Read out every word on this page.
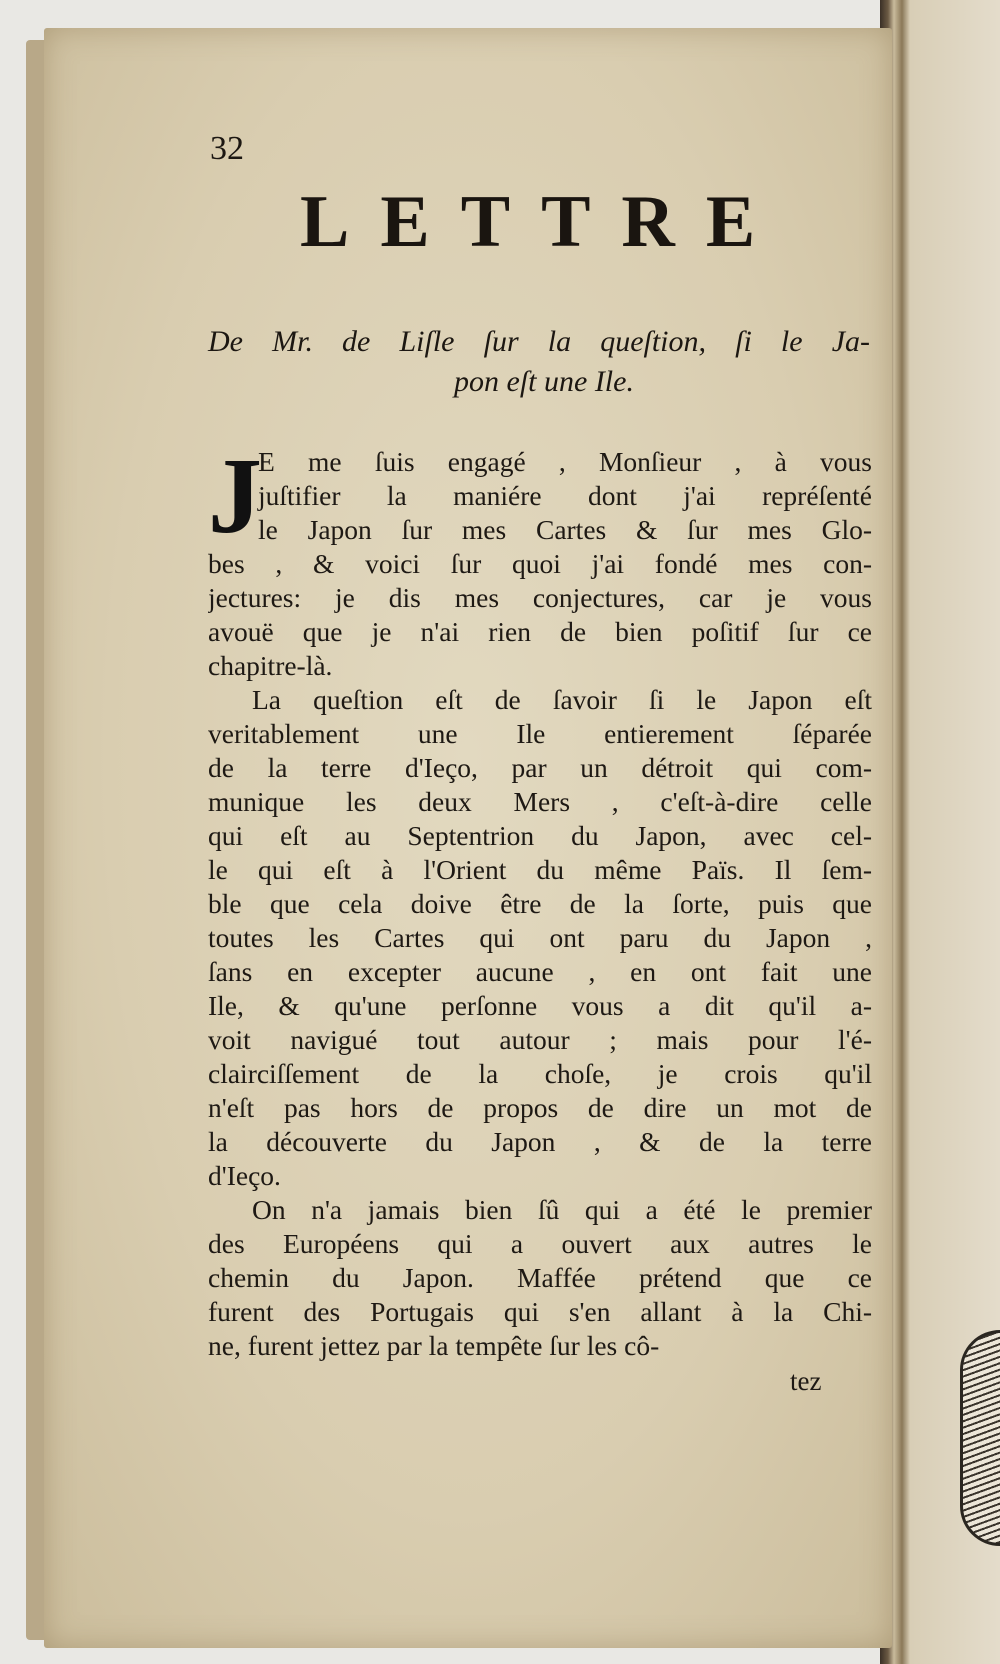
32
LETTRE
De Mr. de Liſle ſur la queſtion, ſi le Ja-
pon eſt une Ile.
J
E me ſuis engagé , Monſieur , à vous
juſtifier la maniére dont j'ai repréſenté
le Japon ſur mes Cartes & ſur mes Glo-
bes , & voici ſur quoi j'ai fondé mes con-
jectures: je dis mes conjectures, car je vous
avouë que je n'ai rien de bien poſitif ſur ce
chapitre-là.
La queſtion eſt de ſavoir ſi le Japon eſt
veritablement une Ile entierement ſéparée
de la terre d'Ieço, par un détroit qui com-
munique les deux Mers , c'eſt-à-dire celle
qui eſt au Septentrion du Japon, avec cel-
le qui eſt à l'Orient du même Païs. Il ſem-
ble que cela doive être de la ſorte, puis que
toutes les Cartes qui ont paru du Japon ,
ſans en excepter aucune , en ont fait une
Ile, & qu'une perſonne vous a dit qu'il a-
voit navigué tout autour ; mais pour l'é-
clairciſſement de la choſe, je crois qu'il
n'eſt pas hors de propos de dire un mot de
la découverte du Japon , & de la terre
d'Ieço.
On n'a jamais bien ſû qui a été le premier
des Européens qui a ouvert aux autres le
chemin du Japon. Maffée prétend que ce
furent des Portugais qui s'en allant à la Chi-
ne, furent jettez par la tempête ſur les cô-
tez
